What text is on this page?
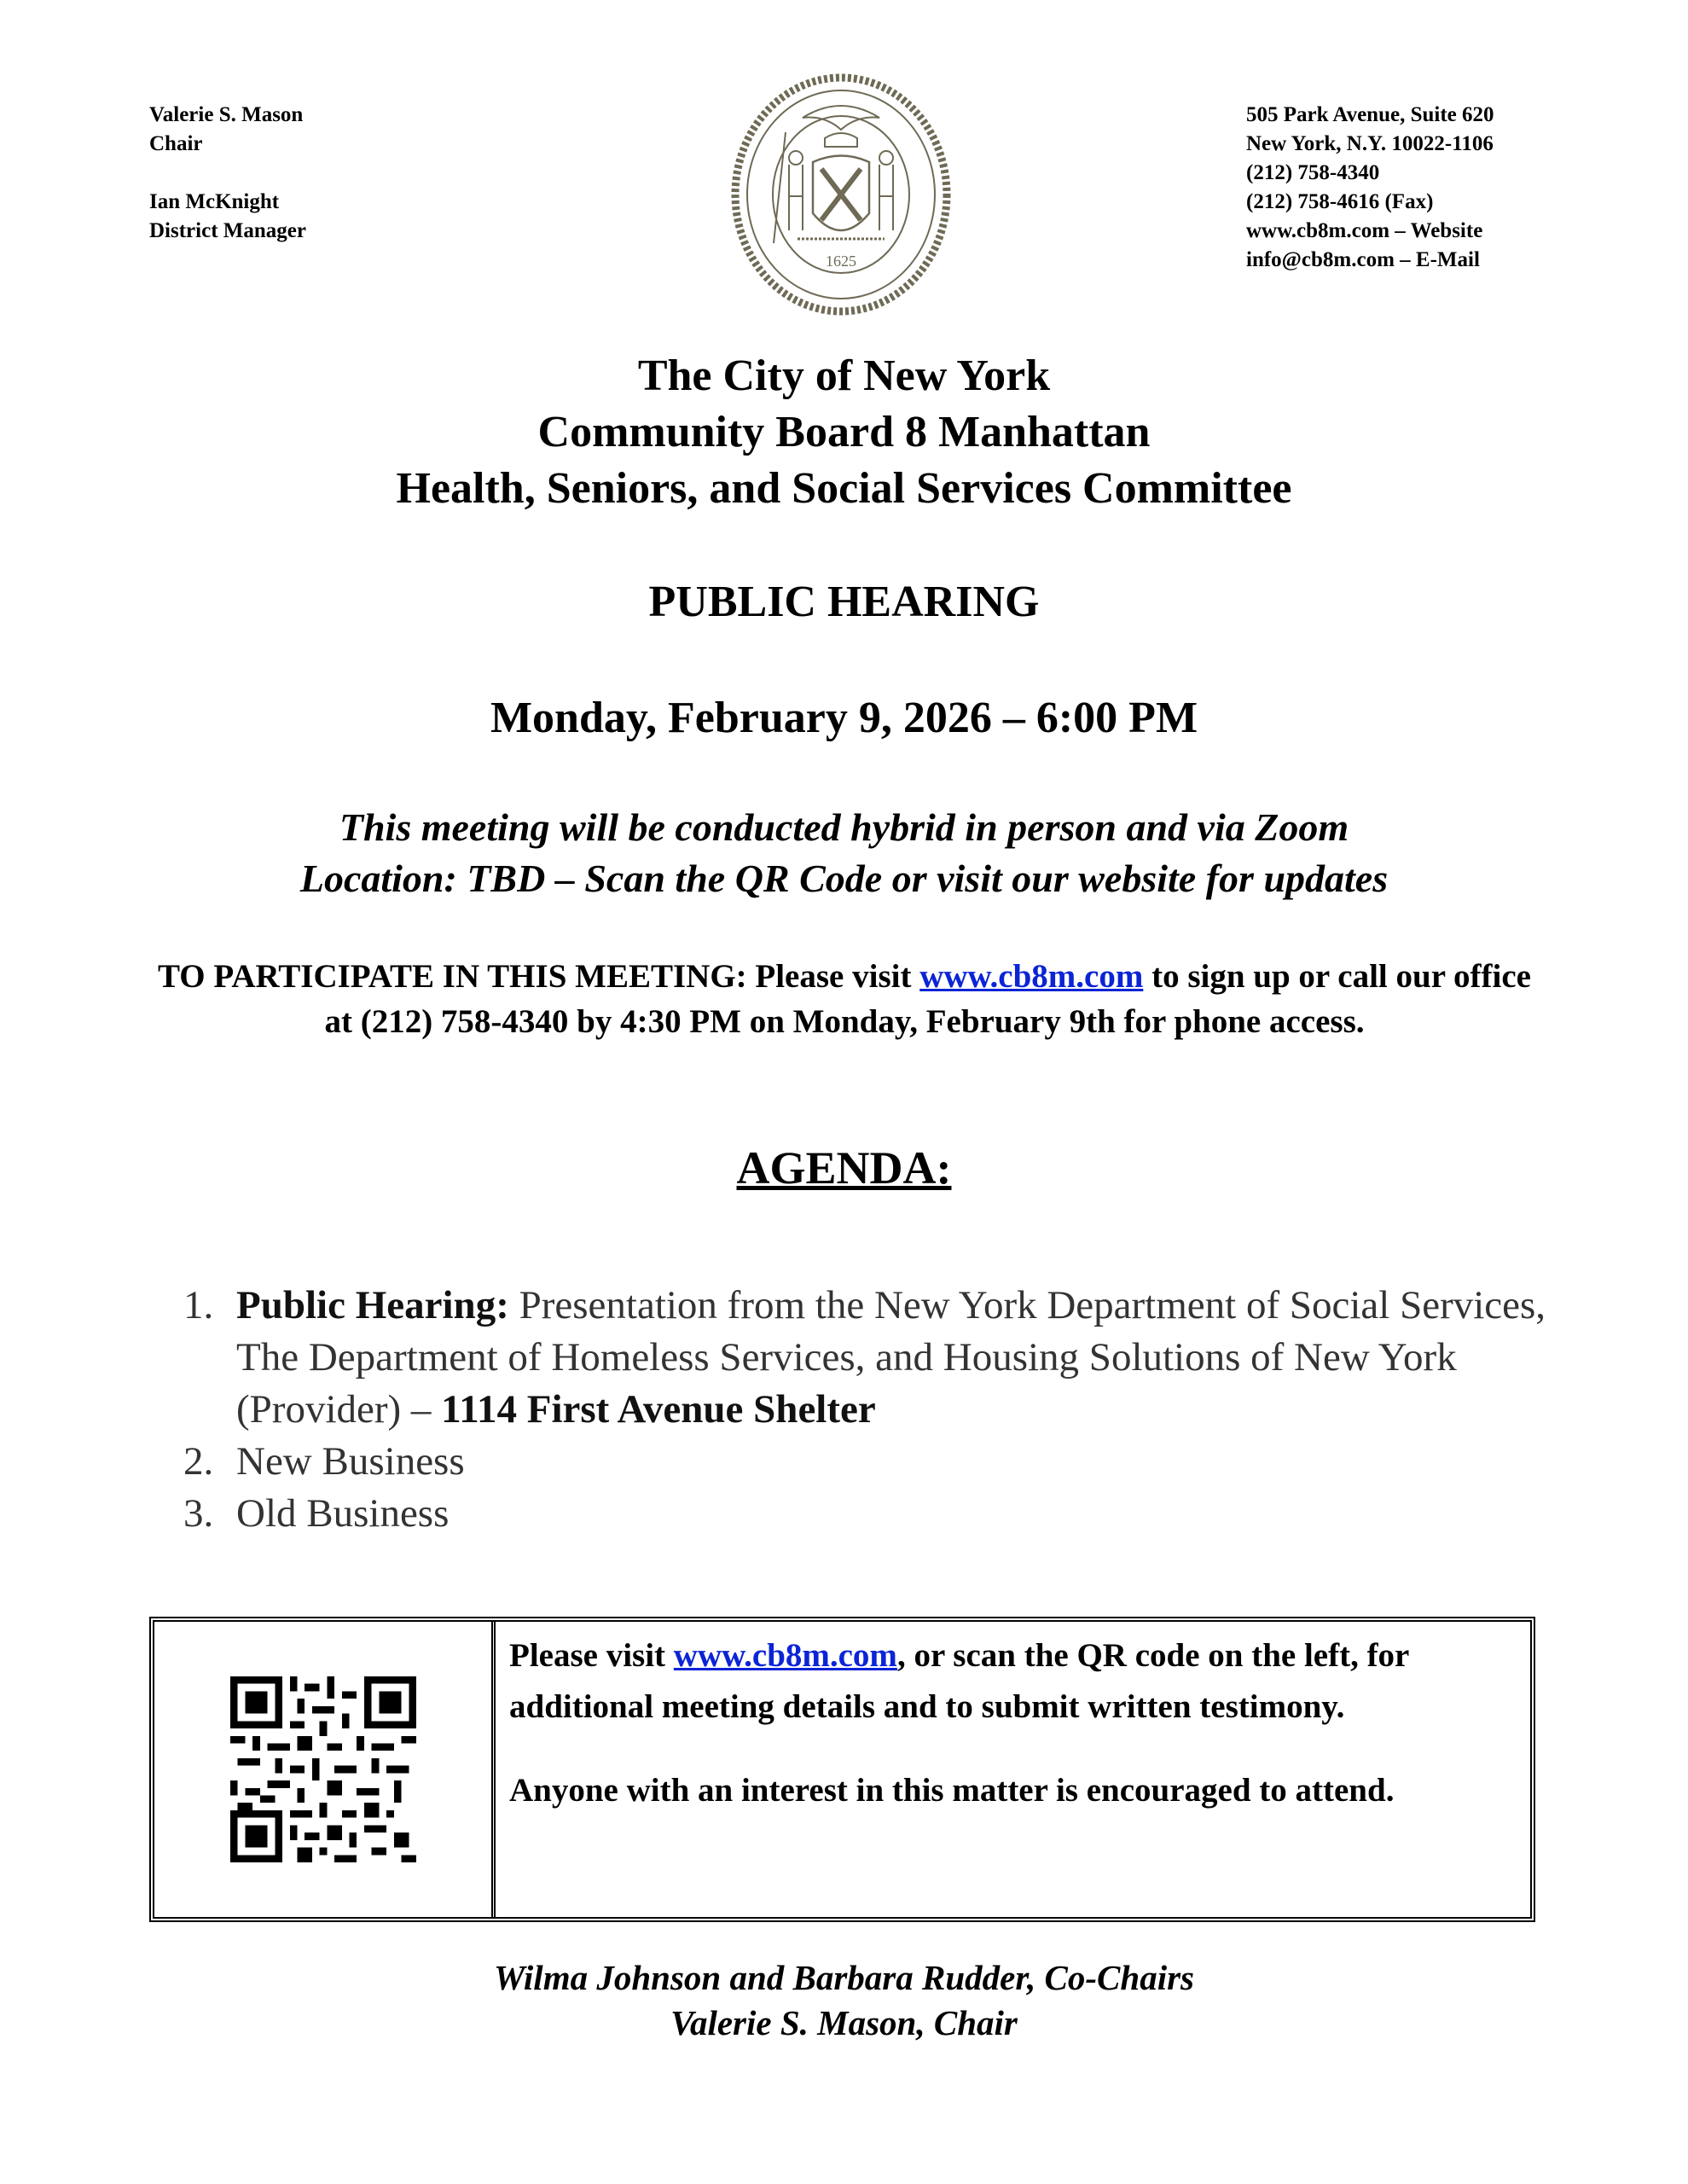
Valerie S. Mason
Chair
Ian McKnight
District Manager
1625
505 Park Avenue, Suite 620
New York, N.Y. 10022-1106
(212) 758-4340
(212) 758-4616 (Fax)
www.cb8m.com – Website
info@cb8m.com – E-Mail
The City of New York
Community Board 8 Manhattan
Health, Seniors, and Social Services Committee
PUBLIC HEARING
Monday, February 9, 2026 – 6:00 PM
This meeting will be conducted hybrid in person and via Zoom
Location: TBD – Scan the QR Code or visit our website for updates
TO PARTICIPATE IN THIS MEETING: Please visit www.cb8m.com to sign up or call our office at (212) 758-4340 by 4:30 PM on Monday, February 9th for phone access.
AGENDA:
1. Public Hearing: Presentation from the New York Department of Social Services, The Department of Homeless Services, and Housing Solutions of New York (Provider) – 1114 First Avenue Shelter
2. New Business
3. Old Business

Please visit www.cb8m.com, or scan the QR code on the left, for additional meeting details and to submit written testimony.

Anyone with an interest in this matter is encouraged to attend.

Wilma Johnson and Barbara Rudder, Co-Chairs
Valerie S. Mason, Chair
